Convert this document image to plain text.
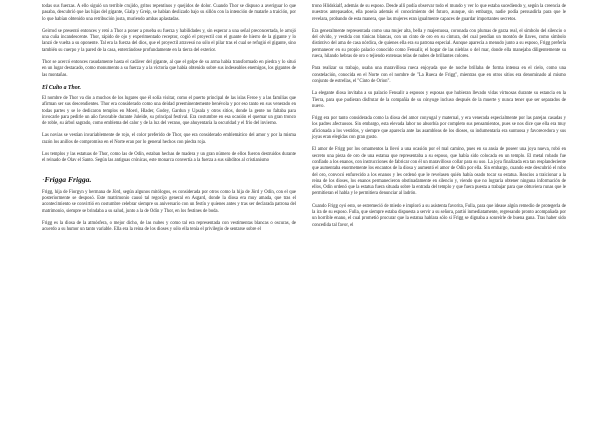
todas sus fuerzas. A ello siguió un terrible crujido, gritos repentinos y quejidos de dolor. Cuando Thor se dispuso a averiguar lo que pasaba, descubrió que las hijas del gigante, Gialp y Greip, se habían deslizado bajo su sillón con la intención de matarle a traición, por lo que habían obtenido una retribución justa, muriendo ambas aplastadas.

Geirrod se presentó entonces y retó a Thor a poner a prueba su fuerza y habilidades y, sin esperar a una señal preconcertada, le arrojó una cuña incandescente. Thor, rápido de ojo y experimentado receptor, cogió el proyectil con el guante de hierro de la gigante y lo lanzó de vuelta a su oponente. Tal era la fuerza del dios, que el proyectil atravesó no sólo el pilar tras el cual se refugió el gigante, sino también su cuerpo y la pared de la casa, enterrándose profundamente en la tierra del exterior.

Thor se acercó entonces rasudamente hasta el cadáver del gigante, al que el golpe de su arma había transformado en piedra y lo situó en un lugar destacado, como monumento a su fuerza y a la victoria que había obtenido sobre sus indeseables enemigos, los gigantes de las montañas.

El Culto a Thor.

El nombre de Thor va dio a muchos de los lugares que él solía visitar, como el puerto principal de las islas Feroe y a las familias que afirman ser sus descendientes. Thor era considerado como una deidad preeminentemente benévola y por eso tanto en sus venerado en todas partes y se le dedicaron templos en Moeri, Hlader, Godey, Gardun y Upsala y otros sitios, donde la gente no faltaba para invocarle para pedirle un año favorable durante Juleide, su principal festival. Era costumbre en esa ocasión el quemar un gran tronco de roble, su árbol sagrado, como emblema del calor y de la luz del verano, que ahuyentaría la oscuridad y el frío del invierno.

Las novias se vestían invariablemente de rojo, el color preferido de Thor, que era considerado emblemático del amor y por la misma razón los anillos de compromiso en el Norte eran por lo general hechos con piedra roja.

Los templos y las estatuas de Thor, como las de Odín, estaban hechas de madera y un gran número de ellos fueron destruidos durante el reinado de Olav el Santo. Según las antiguas crónicas, este monarca convertía a la fuerza a sus súbditos al cristianismo

·Frigga Frigga.

Frigg, hija de Fiorgyn y hermana de Jörd, según algunos mitólogos, es considerada por otros como la hija de Jörd y Odín, con el que posteriormente se desposó. Este matrimonio causó tal regocijo general en Asgard, donde la diosa era muy amada, que tras el acontecimiento se convirtió en costumbre celebrar siempre su aniversario con un festín y quienes antes y tras ser declarada patrona del matrimonio, siempre se brindaba a su salud, junto a la de Odín y Thor, en los festines de boda.

Frigg es la diosa de la atmósfera, o mejor dicho, de las nubes y como tal era representada con vestimentas blancas o oscuras, de acuerdo a su humor un tanto variable. Ella era la reina de los dioses y sólo ella tenía el privilegio de sentarse sobre el

trono Hlidskialf, además de su esposo. Desde allí podía observar todo el mundo y ver lo que estaba sucediendo y, según la creencia de nuestros antepasados, ella poseía además el conocimiento del futuro, aunque, sin embargo, nadie podía persuadirla para que le revelara, probando de esta manera, que las mujeres eran igualmente capaces de guardar importantes secretos.

Era generalmente representada como una mujer alta, bella y majestuosa, coronada con plumas de garza real, el símbolo del silencio o del olvido, y vestida con túnicas blancas, con un cinto de oro en su cintura, del cual pendían un montón de llaves, como símbolo distintivo del ama de casa nórdica, de quienes ella era su patrona especial. Aunque aparecía a menudo junto a su esposo, Frigg prefería permanecer en su propio palacio conocido como Fensalir, el hogar de las nieblas o del mar, donde ella manejaba diligentemente su rueca, hilando hebras de oro o tejiendo extensas telas de nubes de brillantes colores.

Para realizar su trabajo, usaba una maravillosa rueca enjoyada que de noche brillaba de forma intensa en el cielo, como una constelación, conocida en el Norte con el nombre de "La Rueca de Frigg", mientras que en otros sitios era denominado al mismo conjunto de estrellas, el "Cinto de Orion".

La elegante diosa invitaba a su palacio Fensalir a esposos y esposas que hubieran llevado vidas virtuosas durante su estancia en la Tierra, para que pudieran disfrutar de la compañía de su cónyuge incluso después de la muerte y nunca tener que ser separados de nuevo.

Frigg era por tanto considerada como la diosa del amor conyugal y maternal, y era venerada especialmente por las parejas casadas y los padres afectuosos. Sin embargo, esta elevada labor no absorbía por completo sus pensamientos, pues se nos dice que ella era muy aficionada a los vestidos, y siempre que aparecía ante las asambleas de los dioses, su indumentaria era suntuosa y favorecedora y sus joyas eran elegidas con gran gusto.

El amor de Frigg por los ornamentos la llevó a una ocasión por el mal camino, pues en su ansia de poseer una joya nueva, robó en secreto una pieza de oro de una estatua que representaba a su esposo, que había sido colocada en un templo. El metal robado fue confiado a los enanos, con instrucciones de fabricar con él un maravilloso collar para su uso. La joya finalizada era tan resplandeciente que aumentaba enormemente los encantos de la diosa y aumentó el amor de Odín por ella. Sin embargo, cuando este descubrió el robo del oro, convocó enfurecido a los enanos y les ordenó que le revelasen quién había osado tocar su estatua. Reacios a traicionar a la reina de los dioses, los enanos permanecieron obstinadamente en silencio y, viendo que no lograría obtener ninguna información de ellos, Odín ordenó que la estatua fuera situada sobre la entrada del templo y que fuera puesta a trabajar para que obtuviera runas que le permitieran el habla y le permitiera denunciar al ladrón.

Cuando Frigg oyó esto, se estremeció de miedo e imploró a su asistenta favorita, Fulla, para que idease algún remedio de protegerla de la ira de su esposo. Fulla, que siempre estaba dispuesta a servir a su señora, partió inmediatamente, regresando pronto acompañada por un horrible enano, el cual prometió procurar que la estatua hablara sólo si Frigg se dignaba a sonreírle de buena gana. Tras haber sido concedida tal favor, el
